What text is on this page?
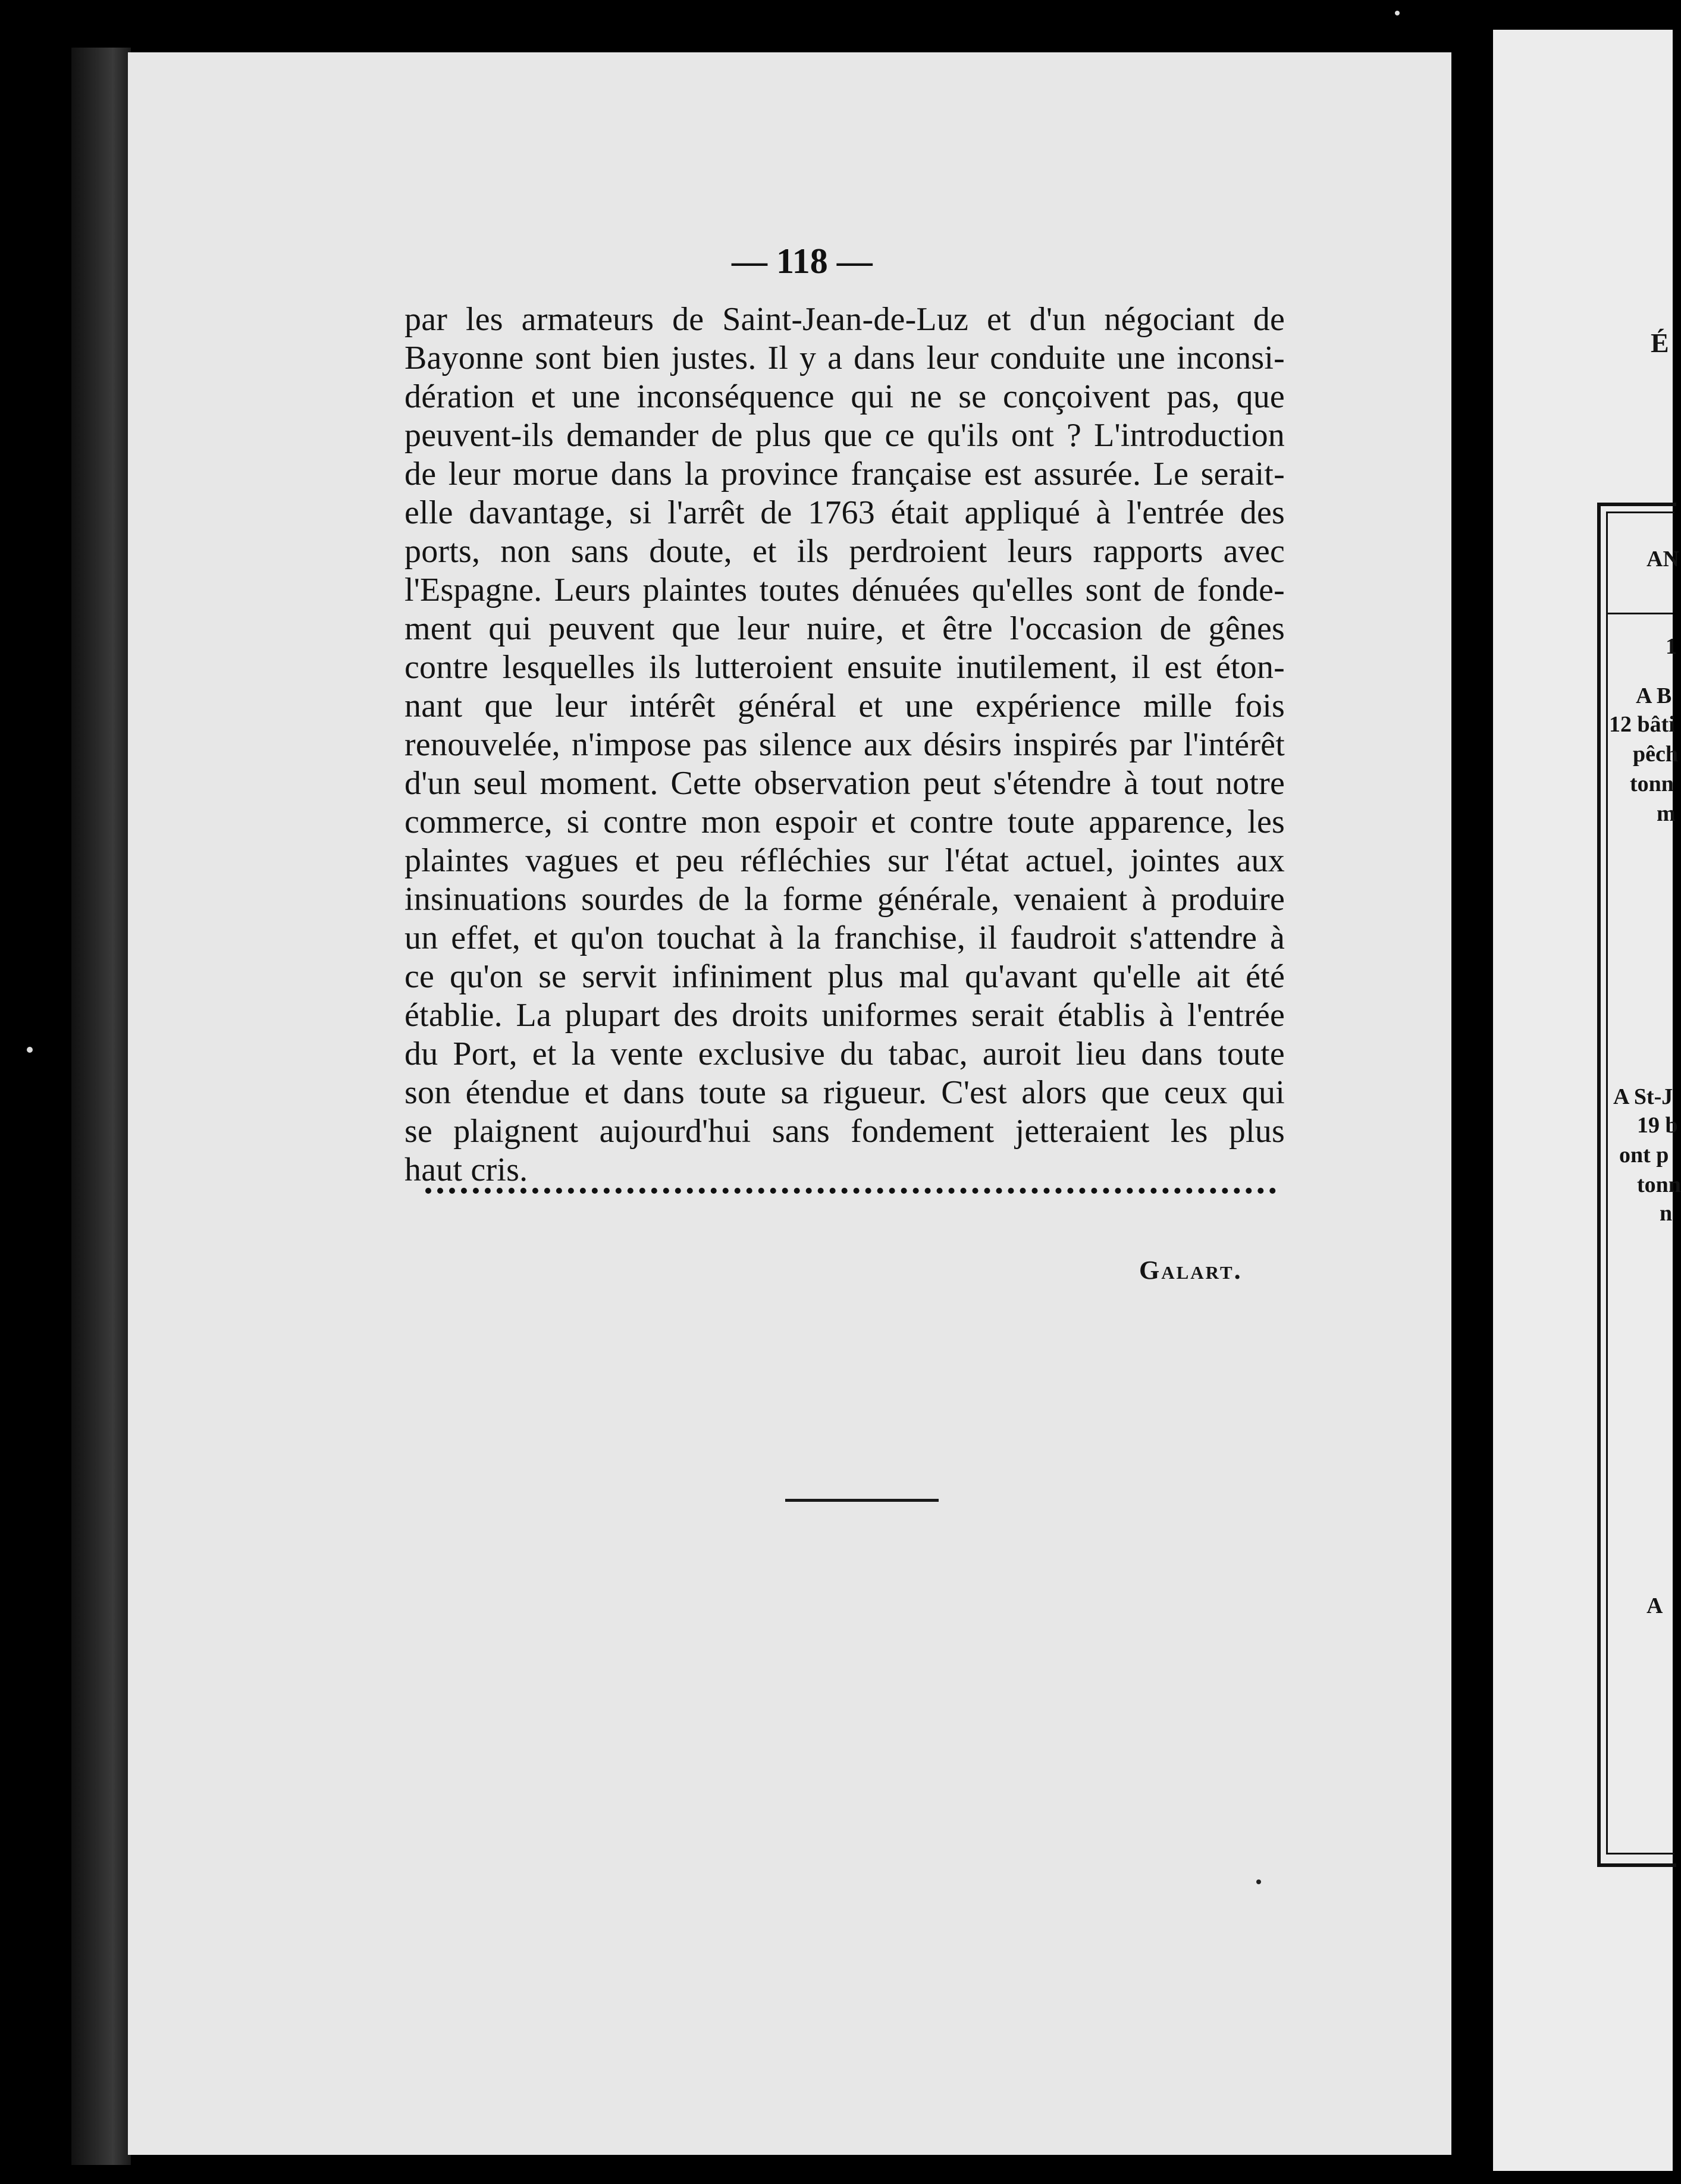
— 118 —
par les armateurs de Saint-Jean-de-Luz et d'un négociant de
Bayonne sont bien justes. Il y a dans leur conduite une inconsi-
dération et une inconséquence qui ne se conçoivent pas, que
peuvent-ils demander de plus que ce qu'ils ont ? L'introduction
de leur morue dans la province française est assurée. Le serait-
elle davantage, si l'arrêt de 1763 était appliqué à l'entrée des
ports, non sans doute, et ils perdroient leurs rapports avec
l'Espagne. Leurs plaintes toutes dénuées qu'elles sont de fonde-
ment qui peuvent que leur nuire, et être l'occasion de gênes
contre lesquelles ils lutteroient ensuite inutilement, il est éton-
nant que leur intérêt général et une expérience mille fois
renouvelée, n'impose pas silence aux désirs inspirés par l'intérêt
d'un seul moment. Cette observation peut s'étendre à tout notre
commerce, si contre mon espoir et contre toute apparence, les
plaintes vagues et peu réfléchies sur l'état actuel, jointes aux
insinuations sourdes de la forme générale, venaient à produire
un effet, et qu'on touchat à la franchise, il faudroit s'attendre à
ce qu'on se servit infiniment plus mal qu'avant qu'elle ait été
établie. La plupart des droits uniformes serait établis à l'entrée
du Port, et la vente exclusive du tabac, auroit lieu dans toute
son étendue et dans toute sa rigueur. C'est alors que ceux qui
se plaignent aujourd'hui sans fondement jetteraient les plus
haut cris.
Galart.
É
AN
1
A B
12 bâti
pêch
tonn
m
A St-J
19 b
ont p
tonn
n
A
